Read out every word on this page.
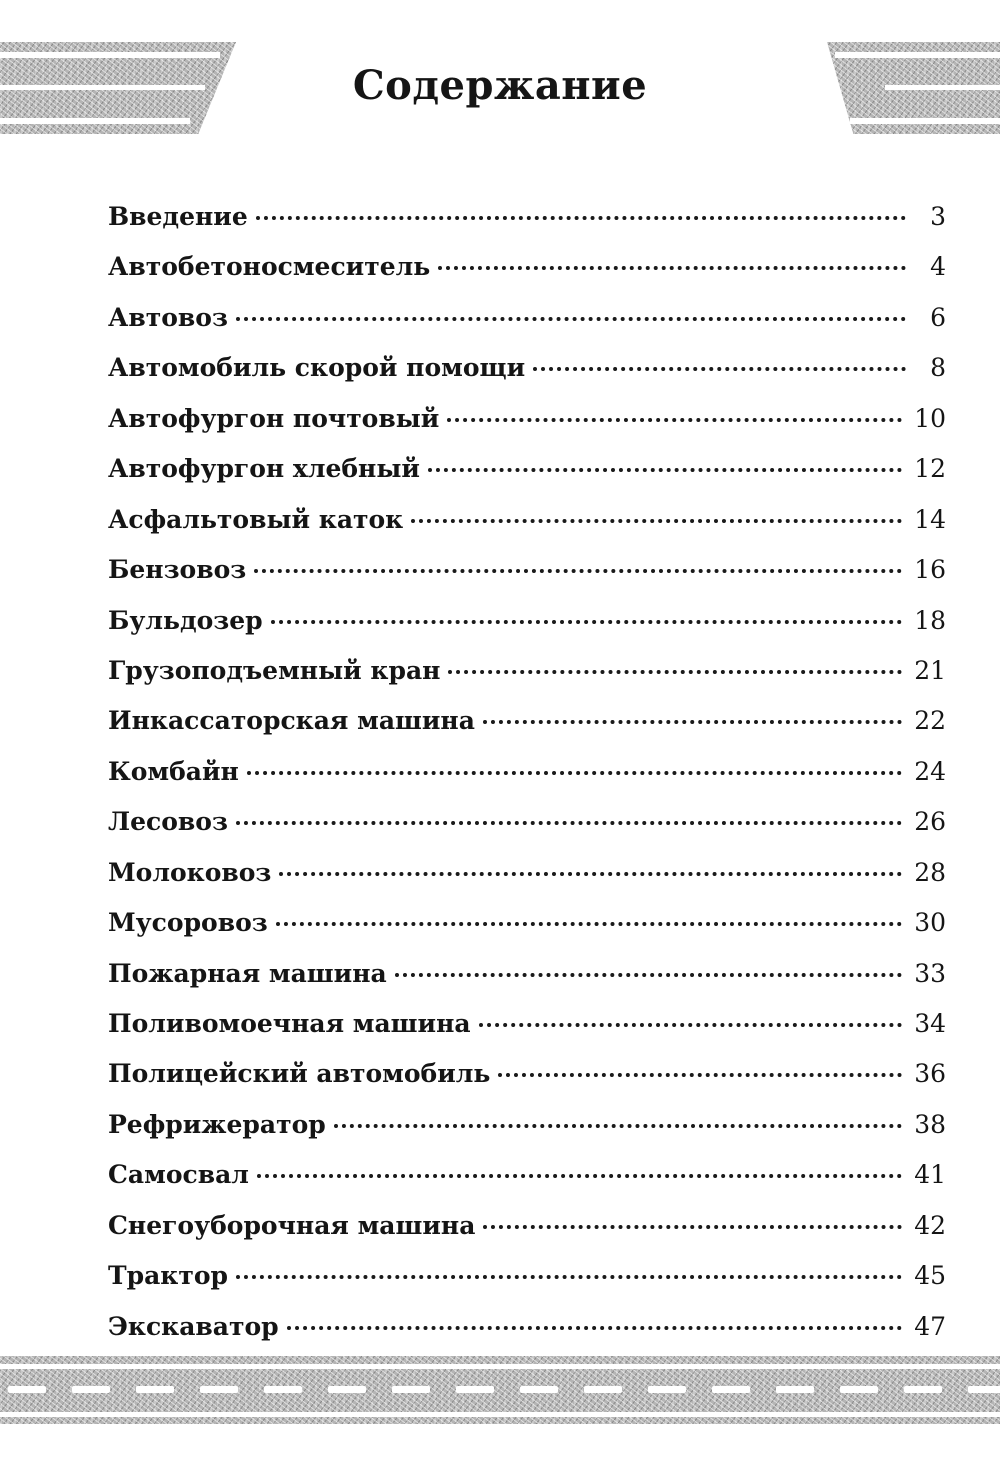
Содержание
Введение	3
Автобетоносмеситель	4
Автовоз	6
Автомобиль скорой помощи	8
Автофургон почтовый	10
Автофургон хлебный	12
Асфальтовый каток	14
Бензовоз	16
Бульдозер	18
Грузоподъемный кран	21
Инкассаторская машина	22
Комбайн	24
Лесовоз	26
Молоковоз	28
Мусоровоз	30
Пожарная машина	33
Поливомоечная машина	34
Полицейский автомобиль	36
Рефрижератор	38
Самосвал	41
Снегоуборочная машина	42
Трактор	45
Экскаватор	47
